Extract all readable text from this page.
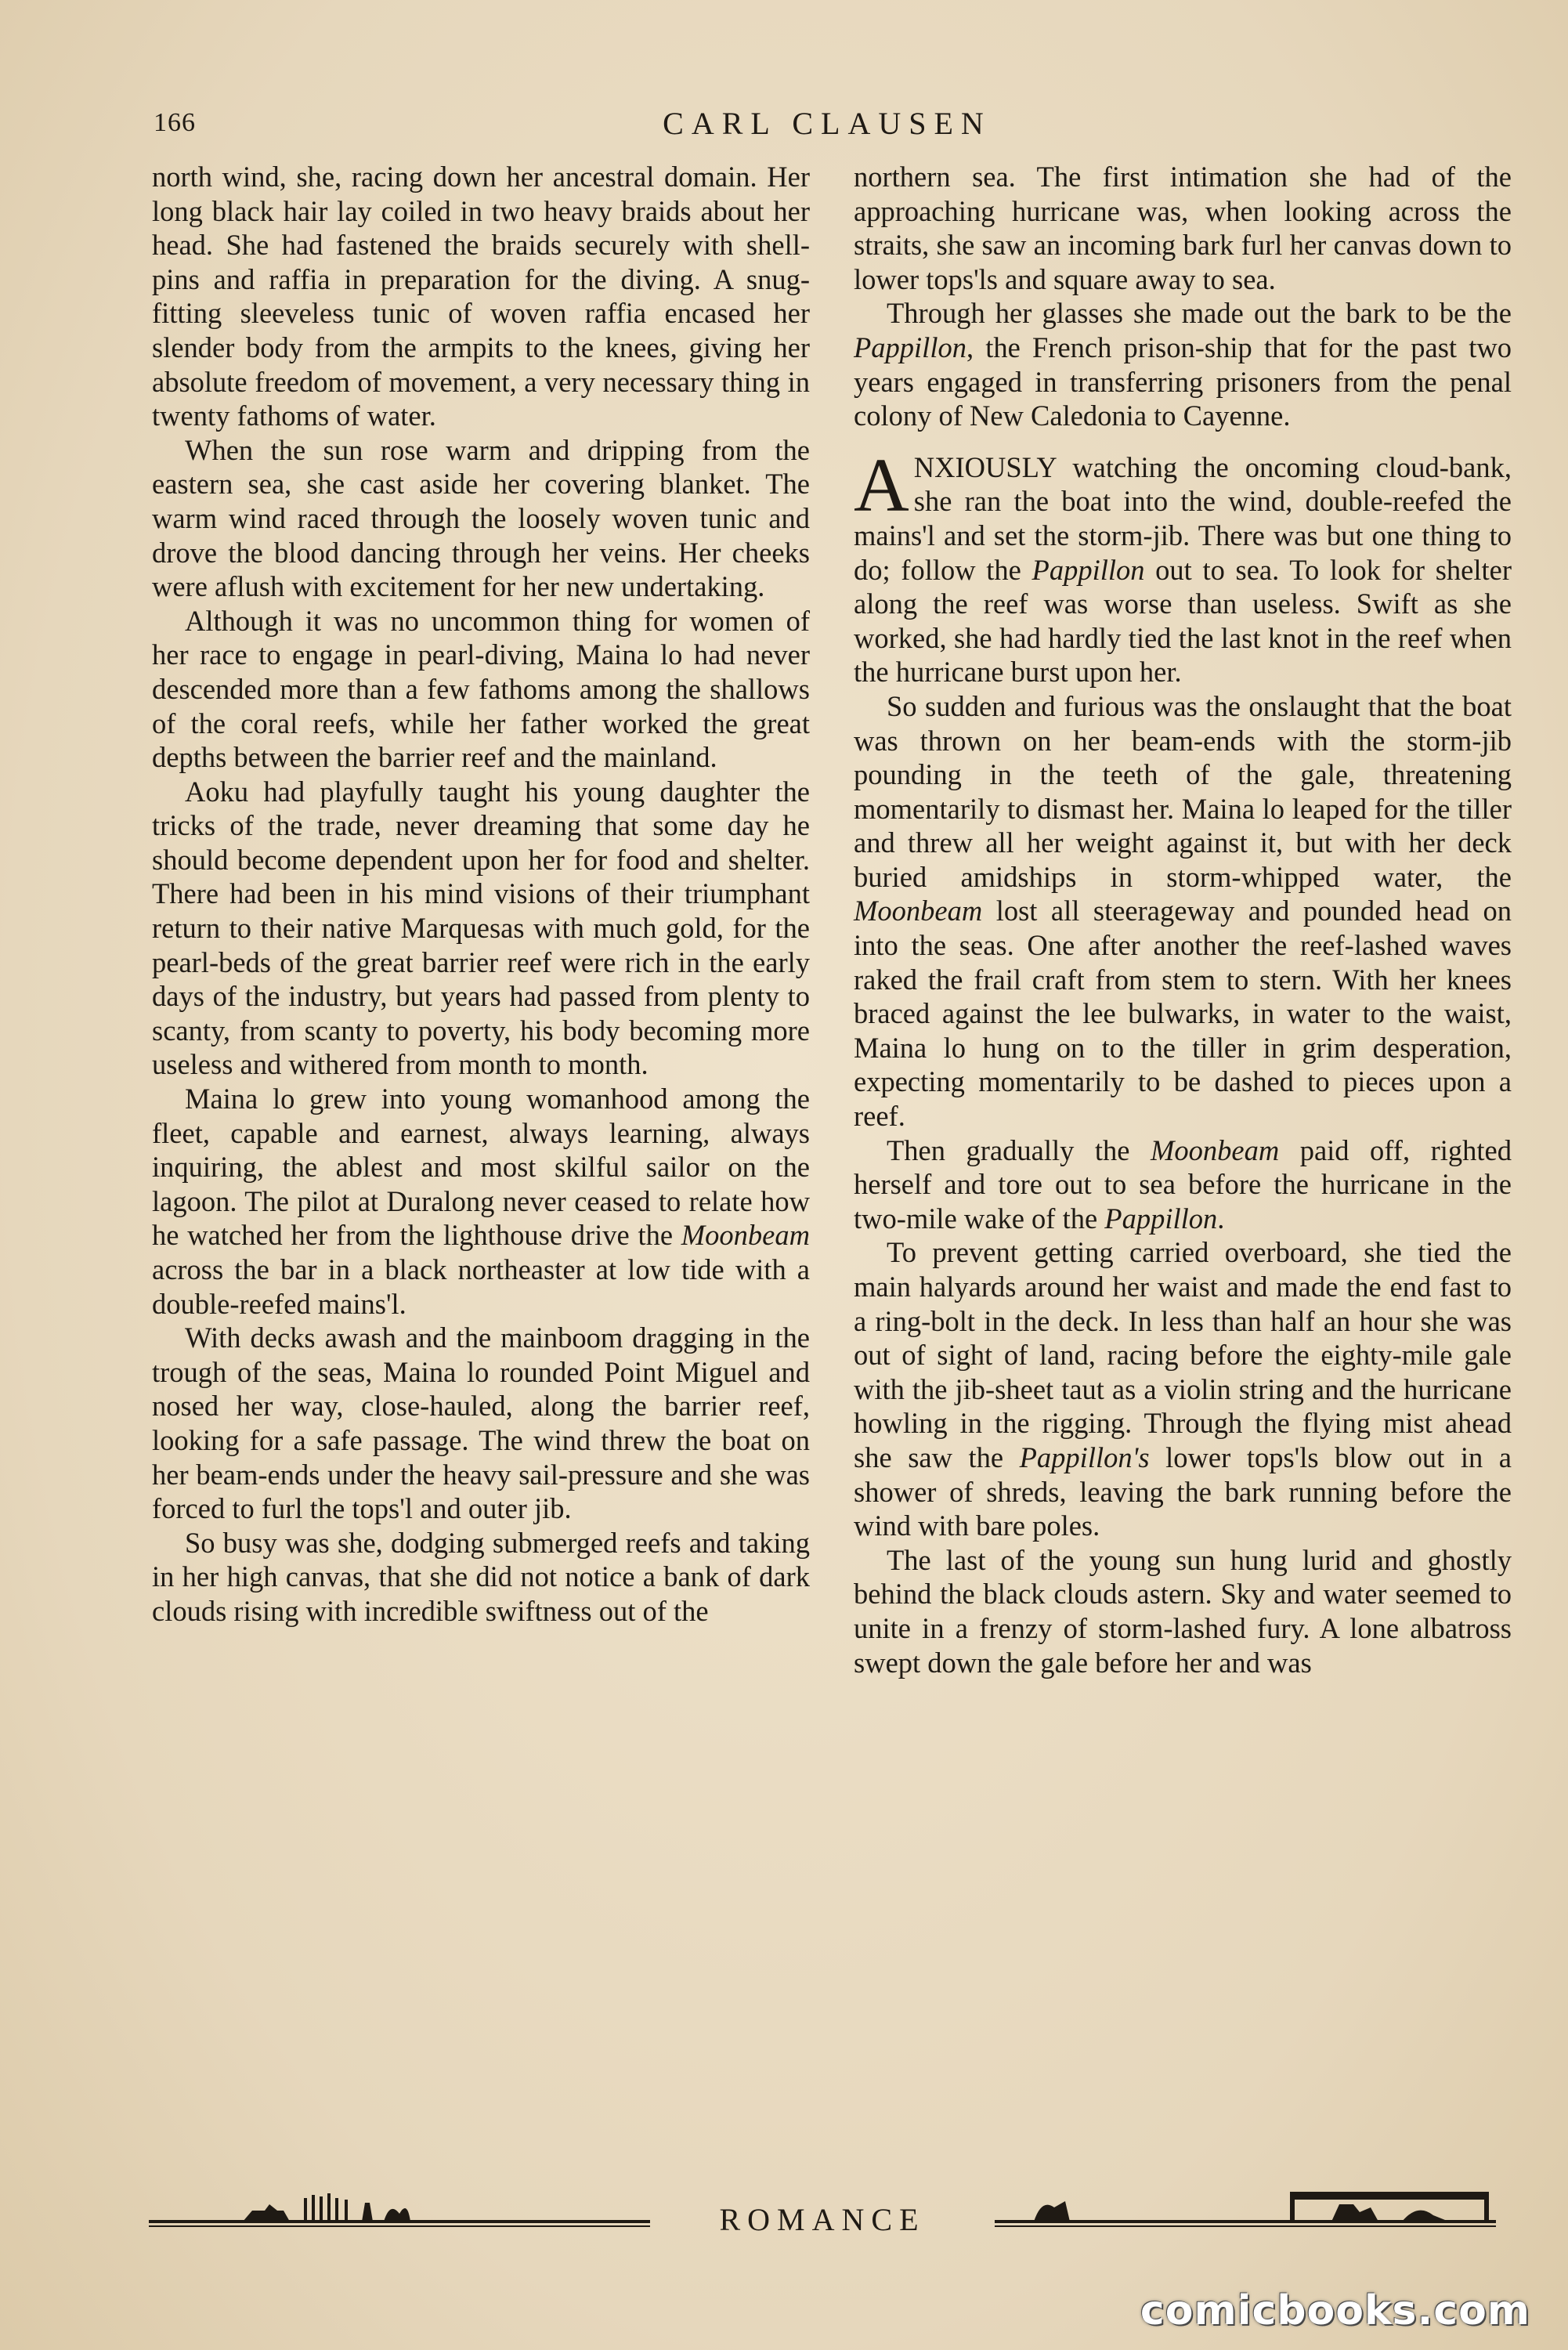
166	CARL CLAUSEN

north wind, she, racing down her ancestral domain. Her long black hair lay coiled in two heavy braids about her head. She had fastened the braids securely with shell-pins and raffia in preparation for the diving. A snug-fitting sleeveless tunic of woven raffia encased her slender body from the armpits to the knees, giving her absolute freedom of movement, a very necessary thing in twenty fathoms of water.

When the sun rose warm and dripping from the eastern sea, she cast aside her covering blanket. The warm wind raced through the loosely woven tunic and drove the blood dancing through her veins. Her cheeks were aflush with excitement for her new undertaking.

Although it was no uncommon thing for women of her race to engage in pearl-diving, Maina lo had never descended more than a few fathoms among the shallows of the coral reefs, while her father worked the great depths between the barrier reef and the mainland.

Aoku had playfully taught his young daughter the tricks of the trade, never dreaming that some day he should become dependent upon her for food and shelter. There had been in his mind visions of their triumphant return to their native Marquesas with much gold, for the pearl-beds of the great barrier reef were rich in the early days of the industry, but years had passed from plenty to scanty, from scanty to poverty, his body becoming more useless and withered from month to month.

Maina lo grew into young womanhood among the fleet, capable and earnest, always learning, always inquiring, the ablest and most skilful sailor on the lagoon. The pilot at Duralong never ceased to relate how he watched her from the lighthouse drive the Moonbeam across the bar in a black northeaster at low tide with a double-reefed mains'l.

With decks awash and the mainboom dragging in the trough of the seas, Maina lo rounded Point Miguel and nosed her way, close-hauled, along the barrier reef, looking for a safe passage. The wind threw the boat on her beam-ends under the heavy sail-pressure and she was forced to furl the tops'l and outer jib.

So busy was she, dodging submerged reefs and taking in her high canvas, that she did not notice a bank of dark clouds rising with incredible swiftness out of the

northern sea. The first intimation she had of the approaching hurricane was, when looking across the straits, she saw an incoming bark furl her canvas down to lower tops'ls and square away to sea.

Through her glasses she made out the bark to be the Pappillon, the French prison-ship that for the past two years engaged in transferring prisoners from the penal colony of New Caledonia to Cayenne.

ANXIOUSLY watching the oncoming cloud-bank, she ran the boat into the wind, double-reefed the mains'l and set the storm-jib. There was but one thing to do; follow the Pappillon out to sea. To look for shelter along the reef was worse than useless. Swift as she worked, she had hardly tied the last knot in the reef when the hurricane burst upon her.

So sudden and furious was the onslaught that the boat was thrown on her beam-ends with the storm-jib pounding in the teeth of the gale, threatening momentarily to dismast her. Maina lo leaped for the tiller and threw all her weight against it, but with her deck buried amidships in storm-whipped water, the Moonbeam lost all steerageway and pounded head on into the seas. One after another the reef-lashed waves raked the frail craft from stem to stern. With her knees braced against the lee bulwarks, in water to the waist, Maina lo hung on to the tiller in grim desperation, expecting momentarily to be dashed to pieces upon a reef.

Then gradually the Moonbeam paid off, righted herself and tore out to sea before the hurricane in the two-mile wake of the Pappillon.

To prevent getting carried overboard, she tied the main halyards around her waist and made the end fast to a ring-bolt in the deck. In less than half an hour she was out of sight of land, racing before the eighty-mile gale with the jib-sheet taut as a violin string and the hurricane howling in the rigging. Through the flying mist ahead she saw the Pappillon's lower tops'ls blow out in a shower of shreds, leaving the bark running before the wind with bare poles.

The last of the young sun hung lurid and ghostly behind the black clouds astern. Sky and water seemed to unite in a frenzy of storm-lashed fury. A lone albatross swept down the gale before her and was

ROMANCE
comicbooks.com
